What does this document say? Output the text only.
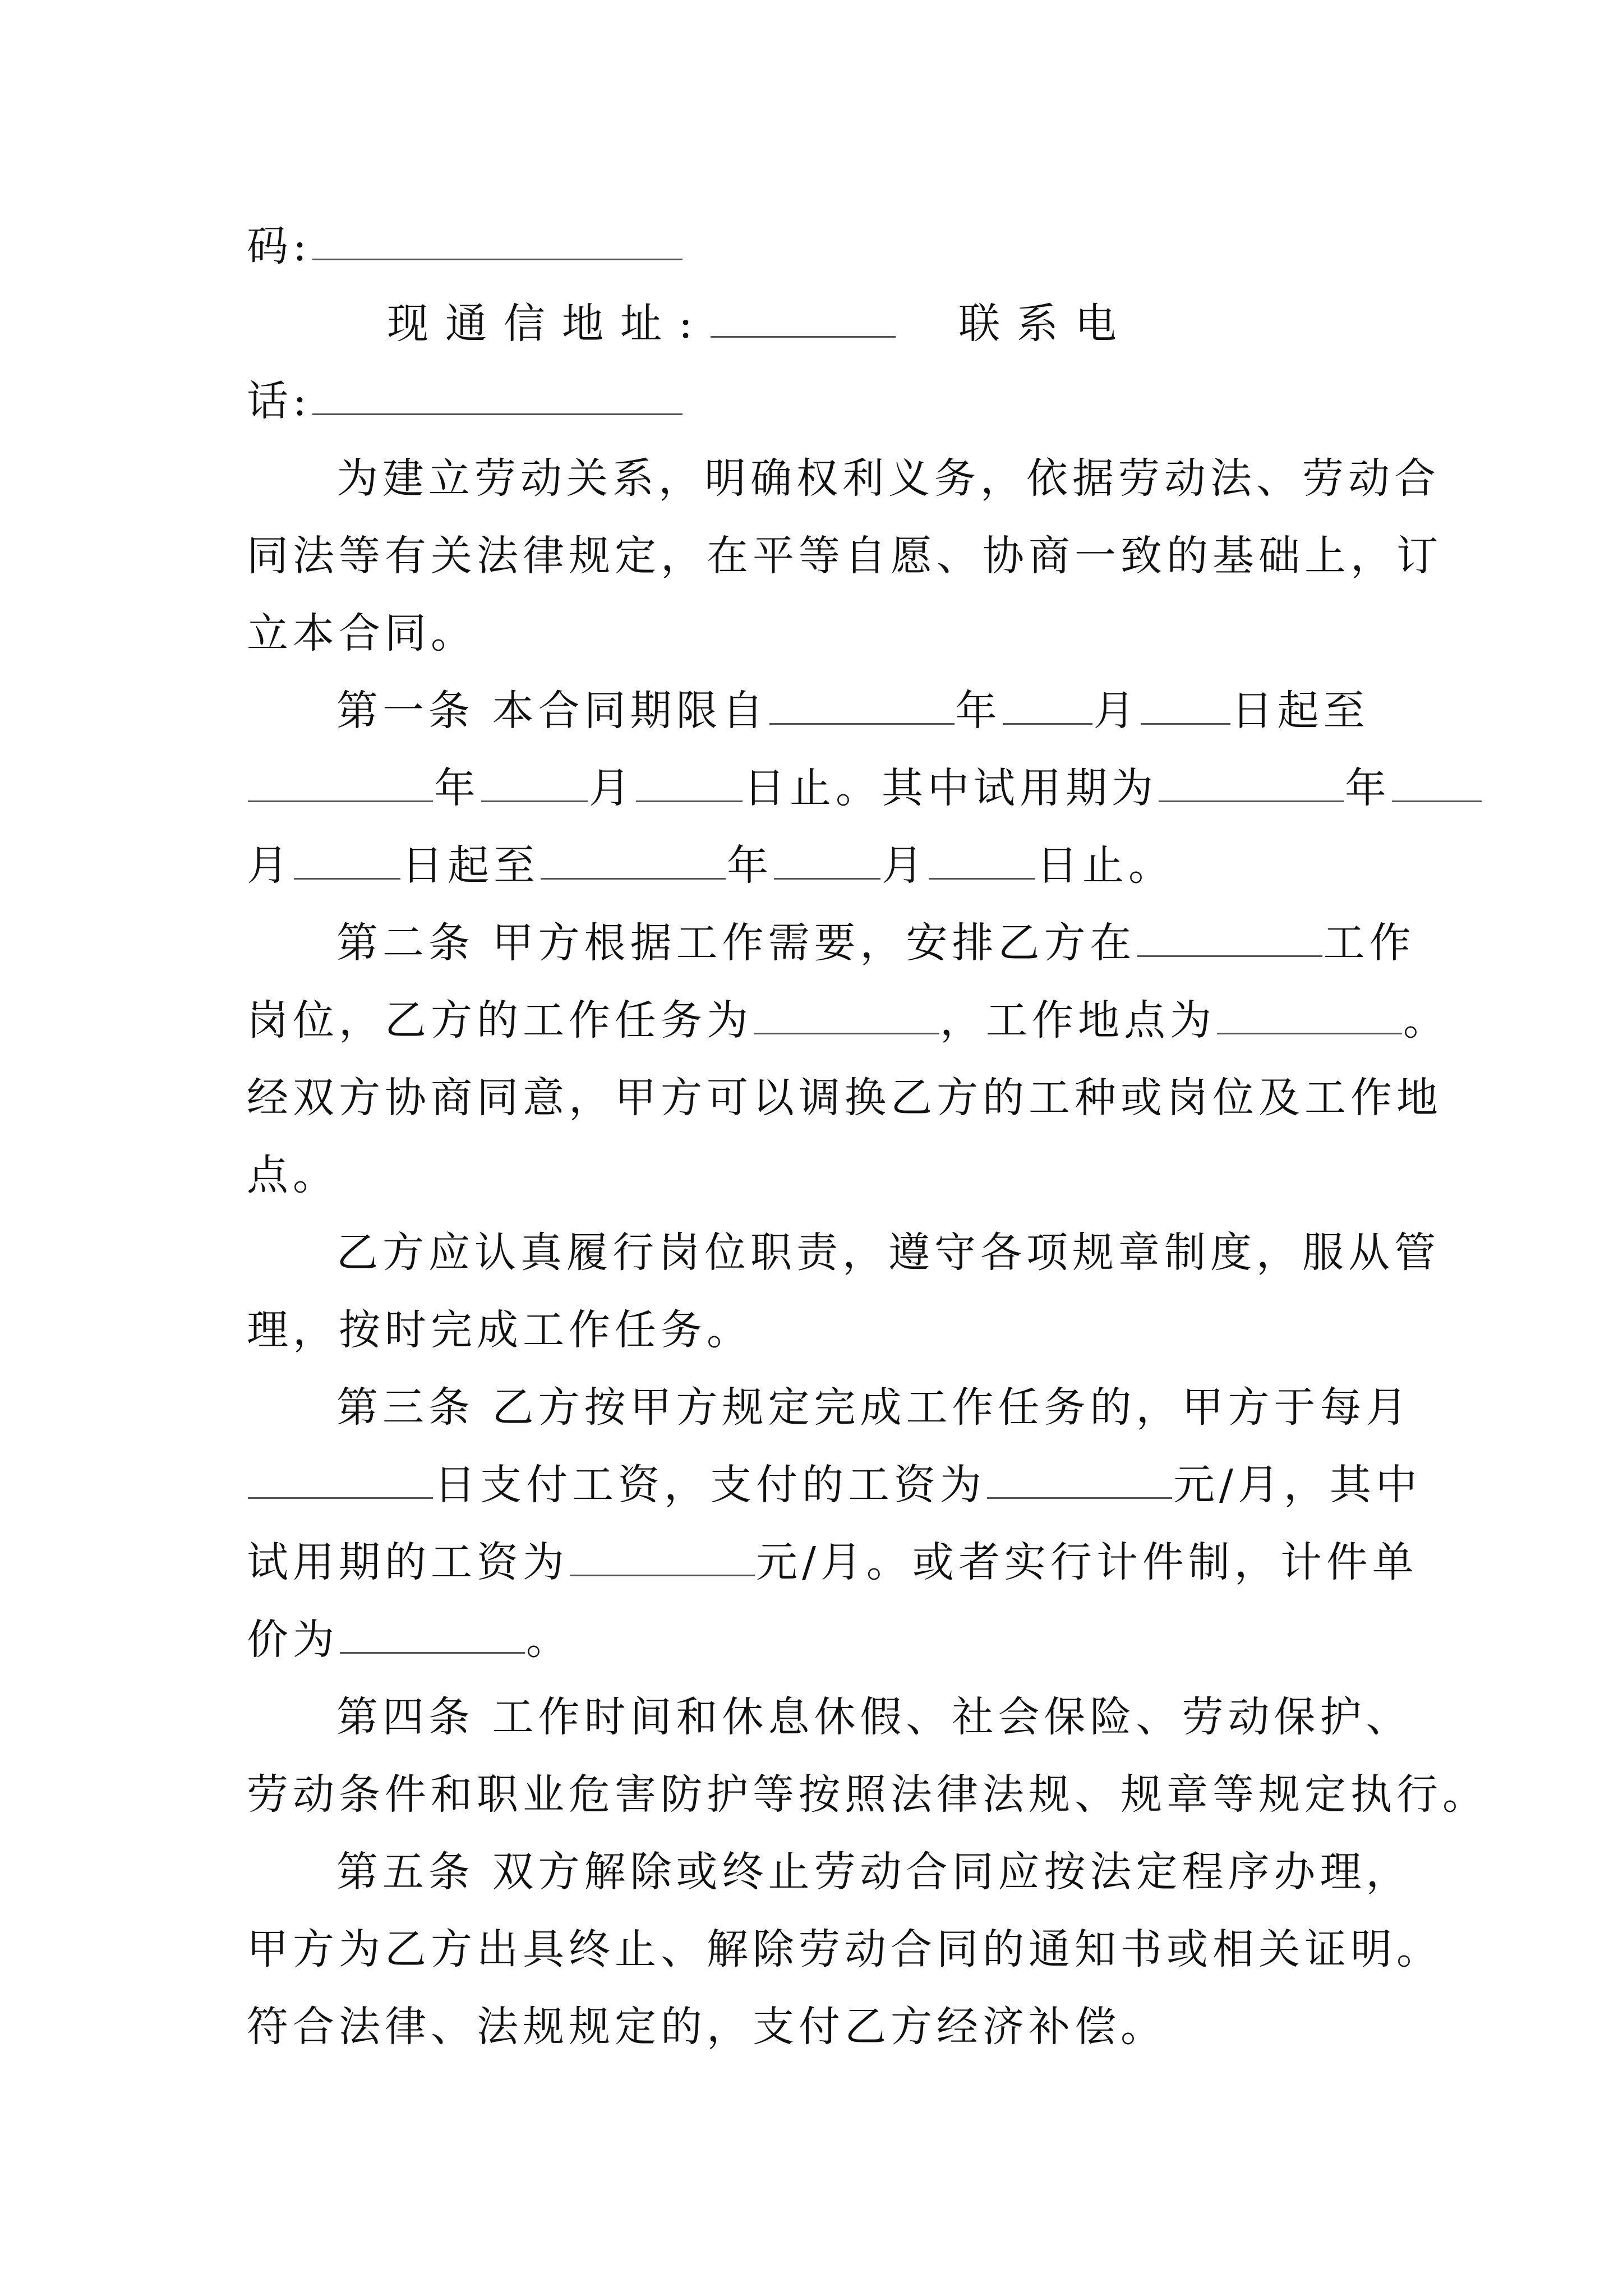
码:
现通信地址:	联系电
话:
为建立劳动关系，明确权利义务，依据劳动法、劳动合
同法等有关法律规定，在平等自愿、协商一致的基础上，订
立本合同。
第一条 本合同期限自	年 月 日起至
年	月	日止。其中试用期为	年
月	日起至	年	月	日止。
第二条 甲方根据工作需要，安排乙方在	工作
岗位，乙方的工作任务为	，工作地点为	。
经双方协商同意，甲方可以调换乙方的工种或岗位及工作地
点。
乙方应认真履行岗位职责，遵守各项规章制度，服从管
理，按时完成工作任务。
第三条 乙方按甲方规定完成工作任务的，甲方于每月
日支付工资，支付的工资为	元/月，其中
试用期的工资为	元/月。或者实行计件制，计件单
价为	。
第四条 工作时间和休息休假、社会保险、劳动保护、
劳动条件和职业危害防护等按照法律法规、规章等规定执行。
第五条 双方解除或终止劳动合同应按法定程序办理，
甲方为乙方出具终止、解除劳动合同的通知书或相关证明。
符合法律、法规规定的，支付乙方经济补偿。
